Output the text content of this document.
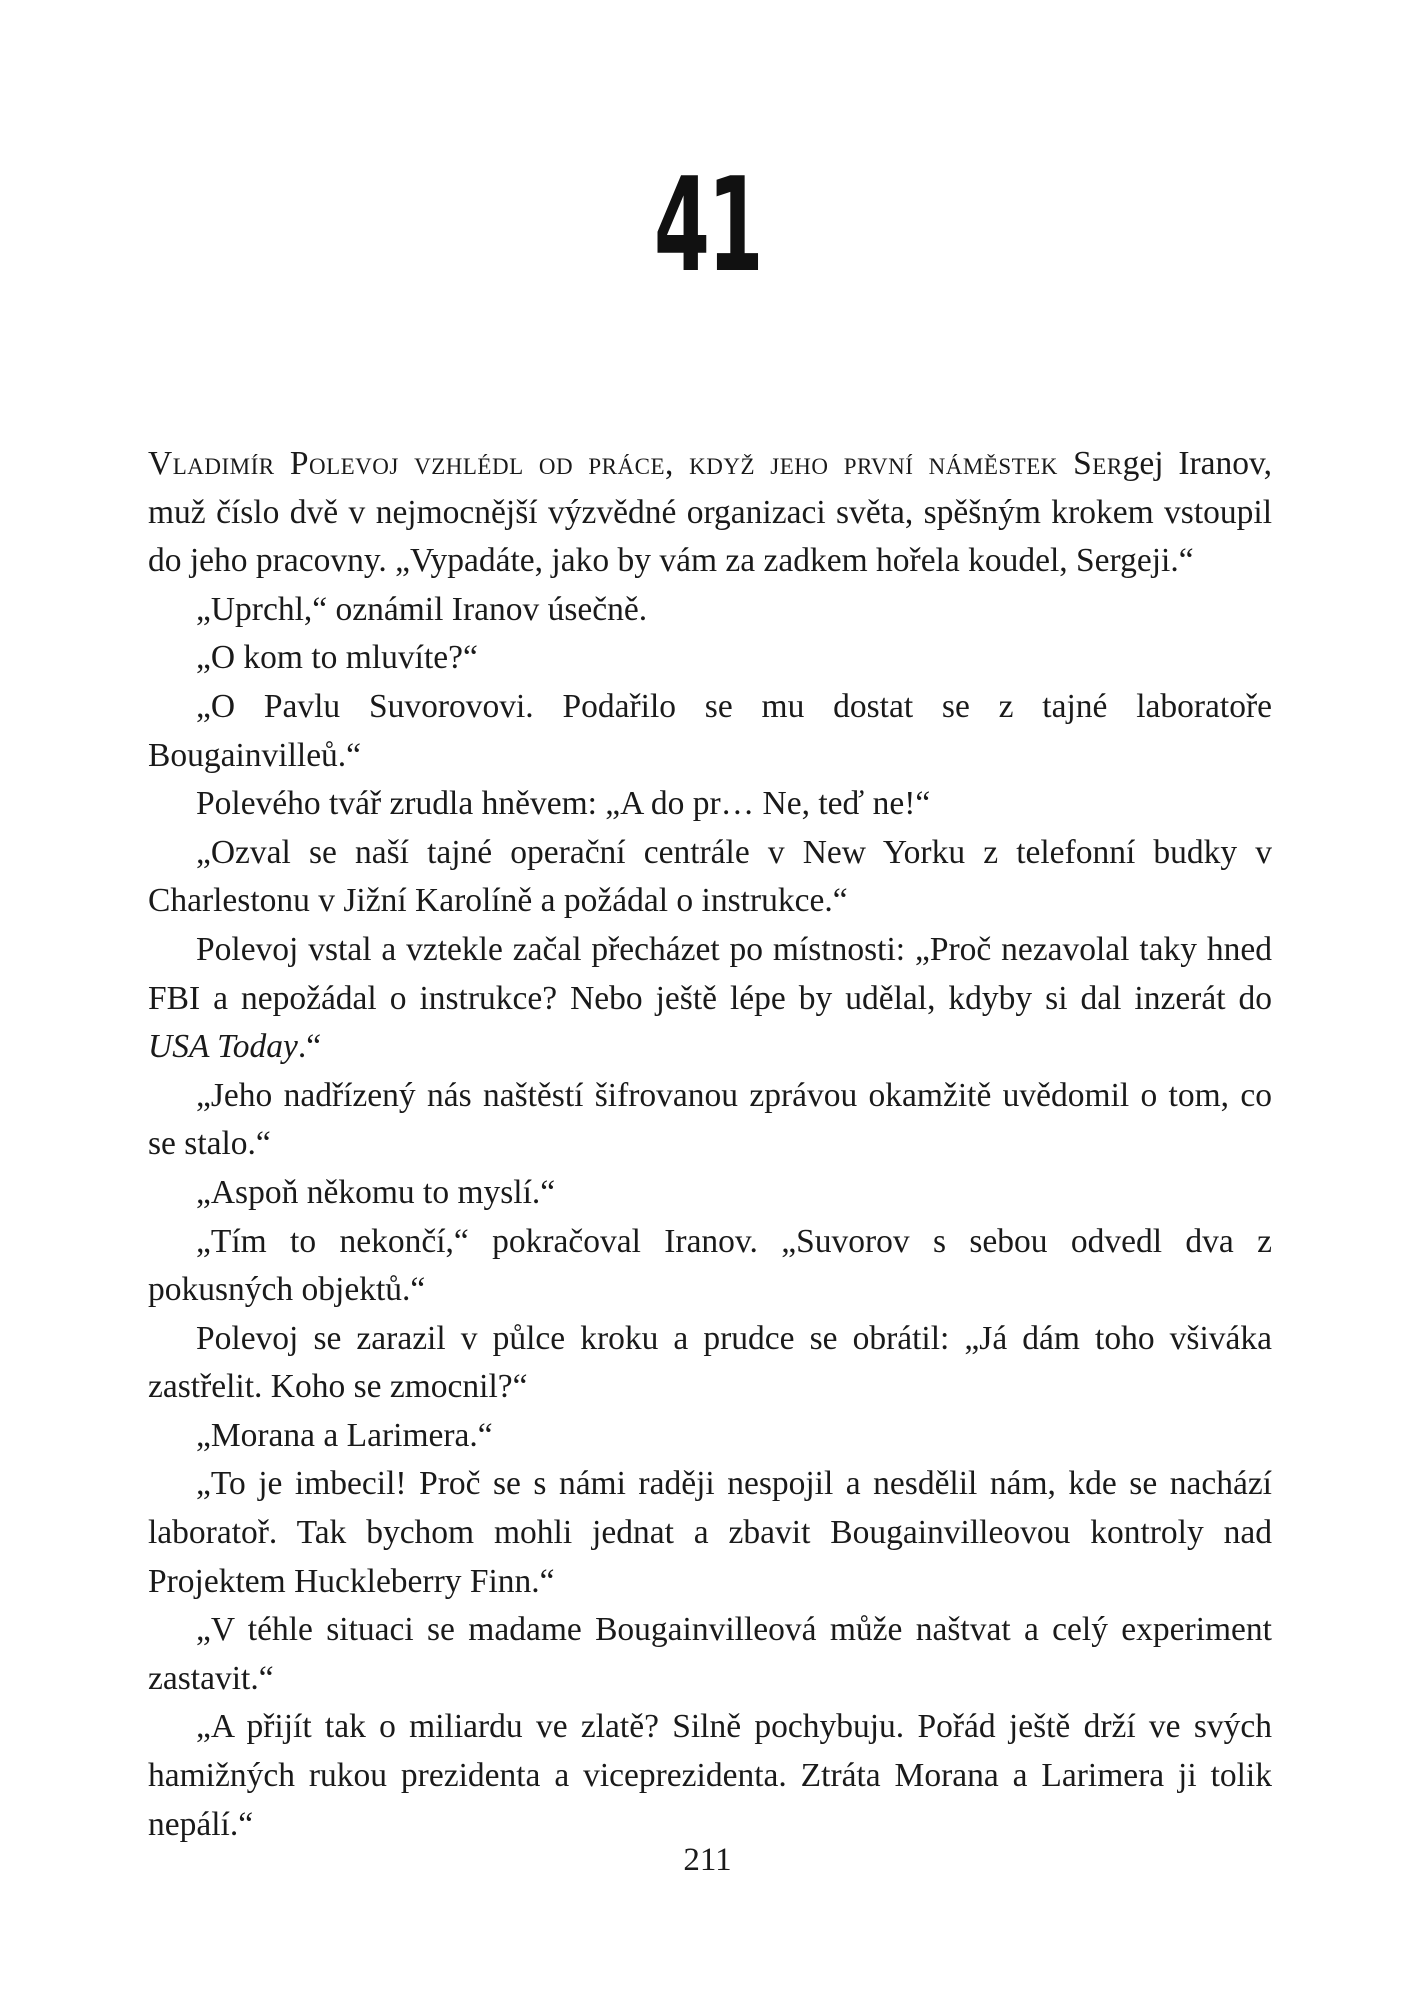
41

Vladimír Polevoj vzhlédl od práce, když jeho první náměstek Sergej Iranov, muž číslo dvě v nejmocnější výzvědné organizaci světa, spěšným krokem vstoupil do jeho pracovny. „Vypadáte, jako by vám za zadkem hořela koudel, Sergeji.“

„Uprchl,“ oznámil Iranov úsečně.

„O kom to mluvíte?“

„O Pavlu Suvorovovi. Podařilo se mu dostat se z tajné laboratoře Bougainvilleů.“

Polevého tvář zrudla hněvem: „A do pr… Ne, teď ne!“

„Ozval se naší tajné operační centrále v New Yorku z telefonní budky v Charlestonu v Jižní Karolíně a požádal o instrukce.“

Polevoj vstal a vztekle začal přecházet po místnosti: „Proč nezavolal taky hned FBI a nepožádal o instrukce? Nebo ještě lépe by udělal, kdyby si dal inzerát do USA Today.“

„Jeho nadřízený nás naštěstí šifrovanou zprávou okamžitě uvědomil o tom, co se stalo.“

„Aspoň někomu to myslí.“

„Tím to nekončí,“ pokračoval Iranov. „Suvorov s sebou odvedl dva z pokusných objektů.“

Polevoj se zarazil v půlce kroku a prudce se obrátil: „Já dám toho všiváka zastřelit. Koho se zmocnil?“

„Morana a Larimera.“

„To je imbecil! Proč se s námi raději nespojil a nesdělil nám, kde se nachází laboratoř. Tak bychom mohli jednat a zbavit Bougainvilleovou kontroly nad Projektem Huckleberry Finn.“

„V téhle situaci se madame Bougainvilleová může naštvat a celý experiment zastavit.“

„A přijít tak o miliardu ve zlatě? Silně pochybuju. Pořád ještě drží ve svých hamižných rukou prezidenta a viceprezidenta. Ztráta Morana a Larimera ji tolik nepálí.“

211
